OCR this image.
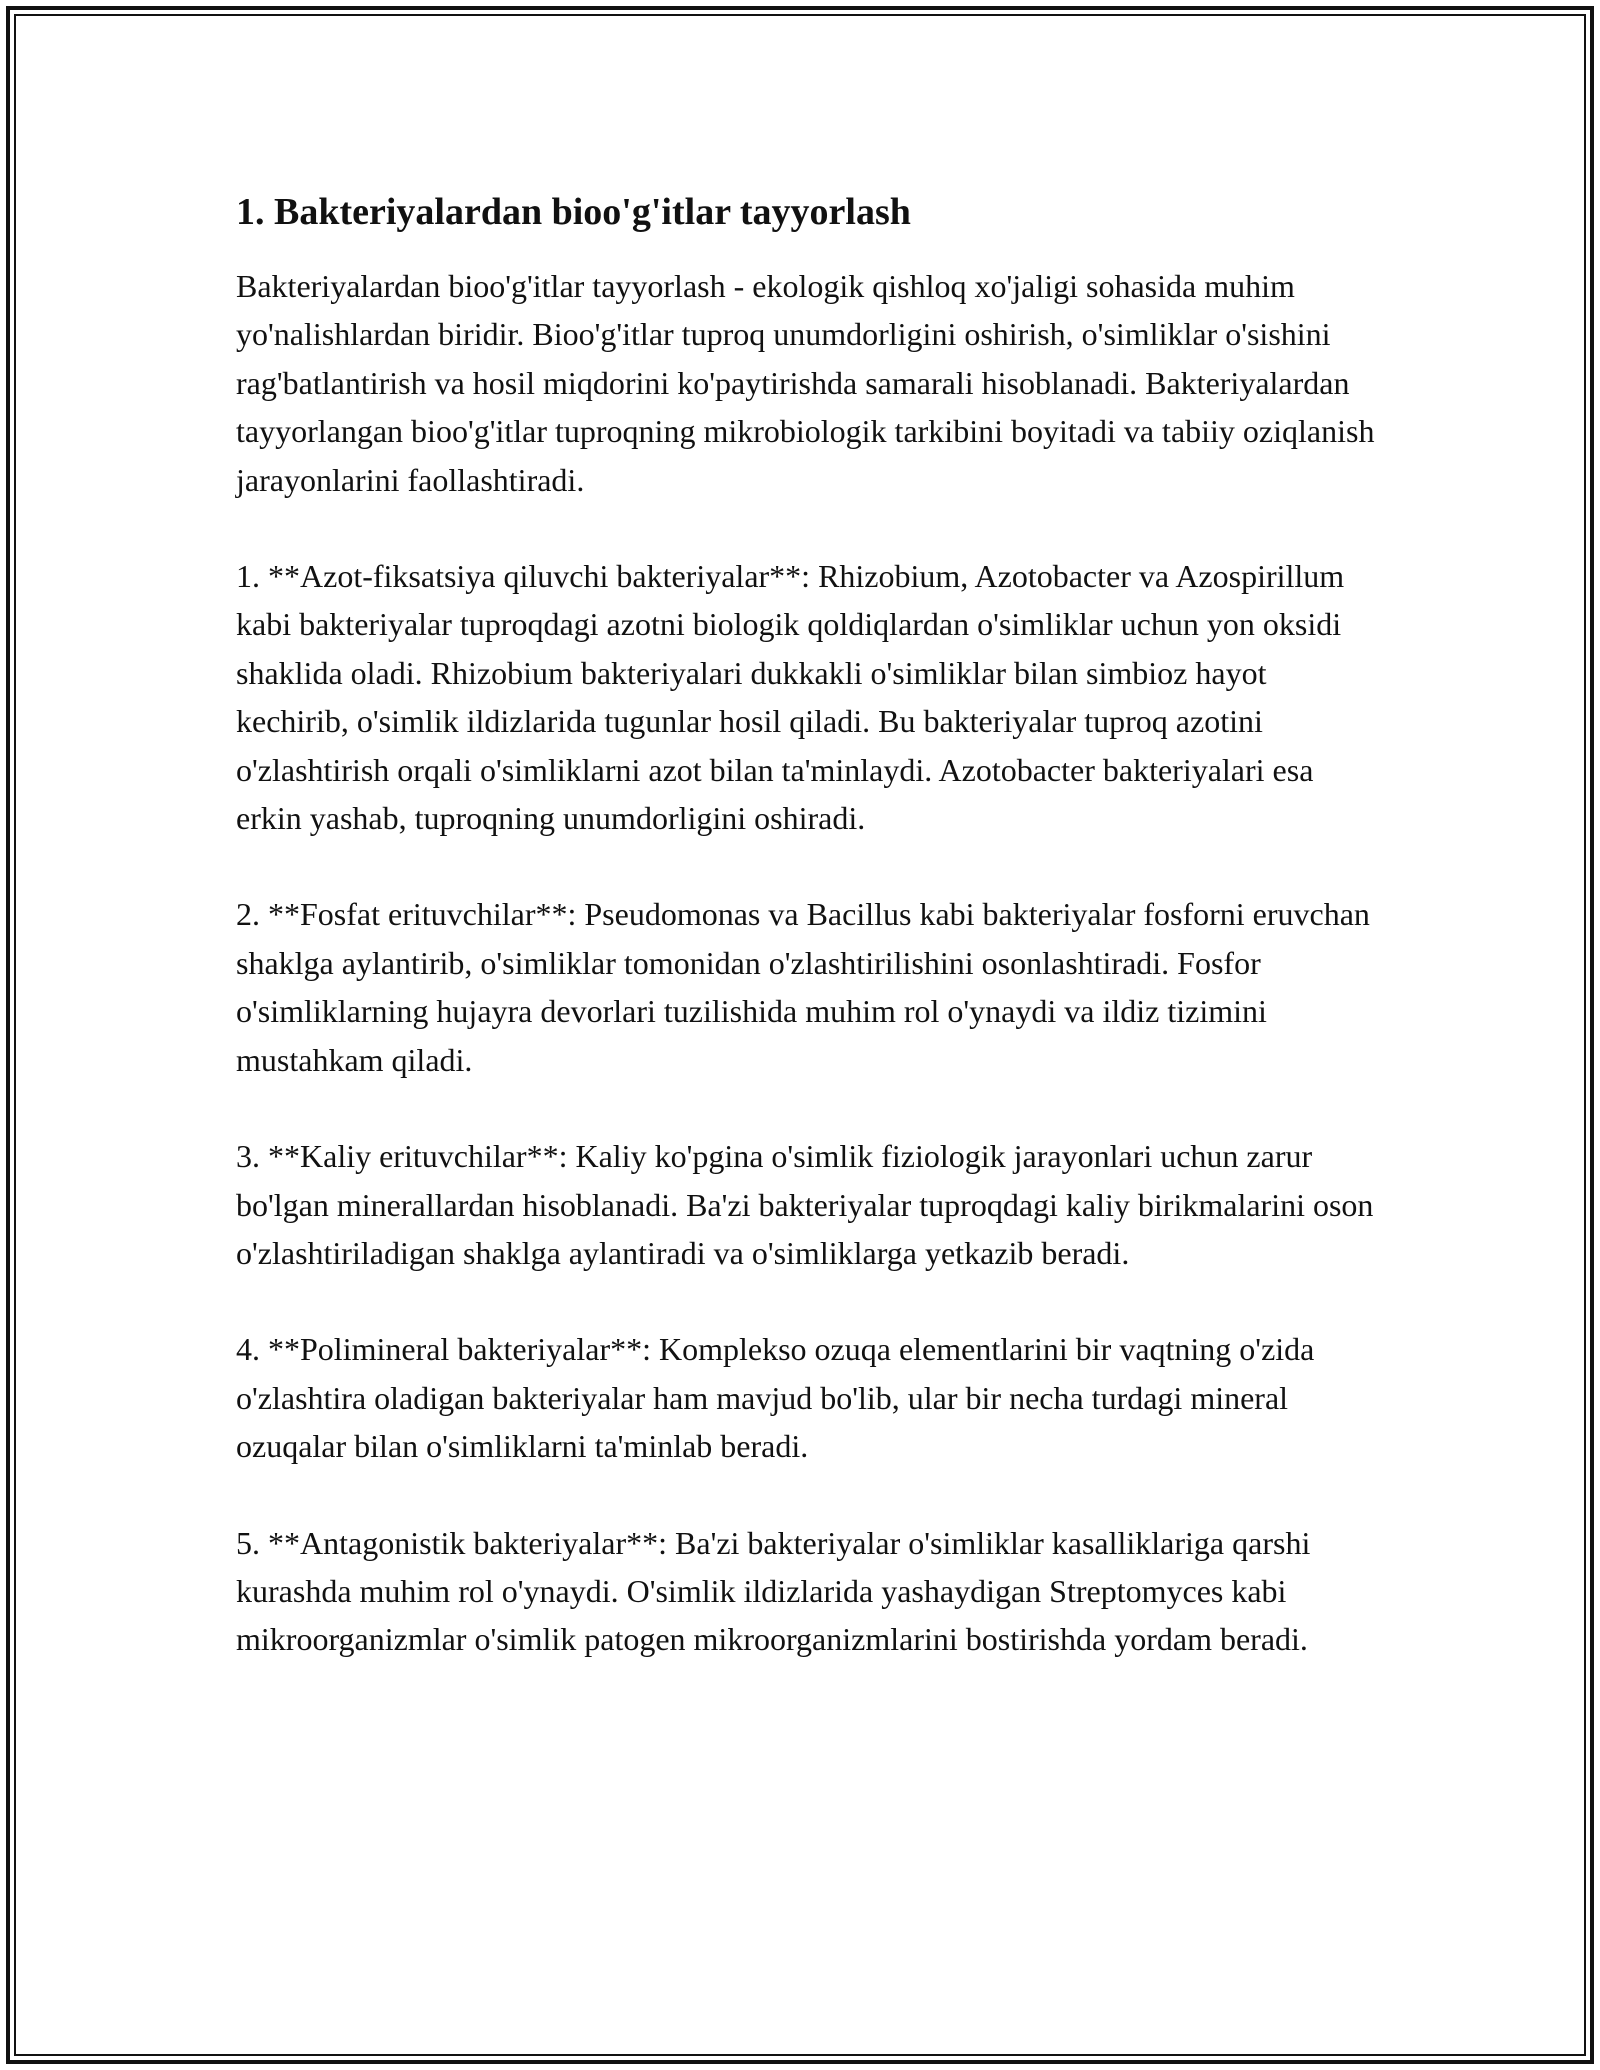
1. Bakteriyalardan bioo'g'itlar tayyorlash

Bakteriyalardan bioo'g'itlar tayyorlash - ekologik qishloq xo'jaligi sohasida muhim yo'nalishlardan biridir. Bioo'g'itlar tuproq unumdorligini oshirish, o'simliklar o'sishini rag'batlantirish va hosil miqdorini ko'paytirishda samarali hisoblanadi. Bakteriyalardan tayyorlangan bioo'g'itlar tuproqning mikrobiologik tarkibini boyitadi va tabiiy oziqlanish jarayonlarini faollashtiradi.

1. **Azot-fiksatsiya qiluvchi bakteriyalar**: Rhizobium, Azotobacter va Azospirillum kabi bakteriyalar tuproqdagi azotni biologik qoldiqlardan o'simliklar uchun yon oksidi shaklida oladi. Rhizobium bakteriyalari dukkakli o'simliklar bilan simbioz hayot kechirib, o'simlik ildizlarida tugunlar hosil qiladi. Bu bakteriyalar tuproq azotini o'zlashtirish orqali o'simliklarni azot bilan ta'minlaydi. Azotobacter bakteriyalari esa erkin yashab, tuproqning unumdorligini oshiradi.

2. **Fosfat erituvchilar**: Pseudomonas va Bacillus kabi bakteriyalar fosforni eruvchan shaklga aylantirib, o'simliklar tomonidan o'zlashtirilishini osonlashtiradi. Fosfor o'simliklarning hujayra devorlari tuzilishida muhim rol o'ynaydi va ildiz tizimini mustahkam qiladi.

3. **Kaliy erituvchilar**: Kaliy ko'pgina o'simlik fiziologik jarayonlari uchun zarur bo'lgan minerallardan hisoblanadi. Ba'zi bakteriyalar tuproqdagi kaliy birikmalarini oson o'zlashtiriladigan shaklga aylantiradi va o'simliklarga yetkazib beradi.

4. **Polimineral bakteriyalar**: Komplekso ozuqa elementlarini bir vaqtning o'zida o'zlashtira oladigan bakteriyalar ham mavjud bo'lib, ular bir necha turdagi mineral ozuqalar bilan o'simliklarni ta'minlab beradi.

5. **Antagonistik bakteriyalar**: Ba'zi bakteriyalar o'simliklar kasalliklariga qarshi kurashda muhim rol o'ynaydi. O'simlik ildizlarida yashaydigan Streptomyces kabi mikroorganizmlar o'simlik patogen mikroorganizmlarini bostirishda yordam beradi.
